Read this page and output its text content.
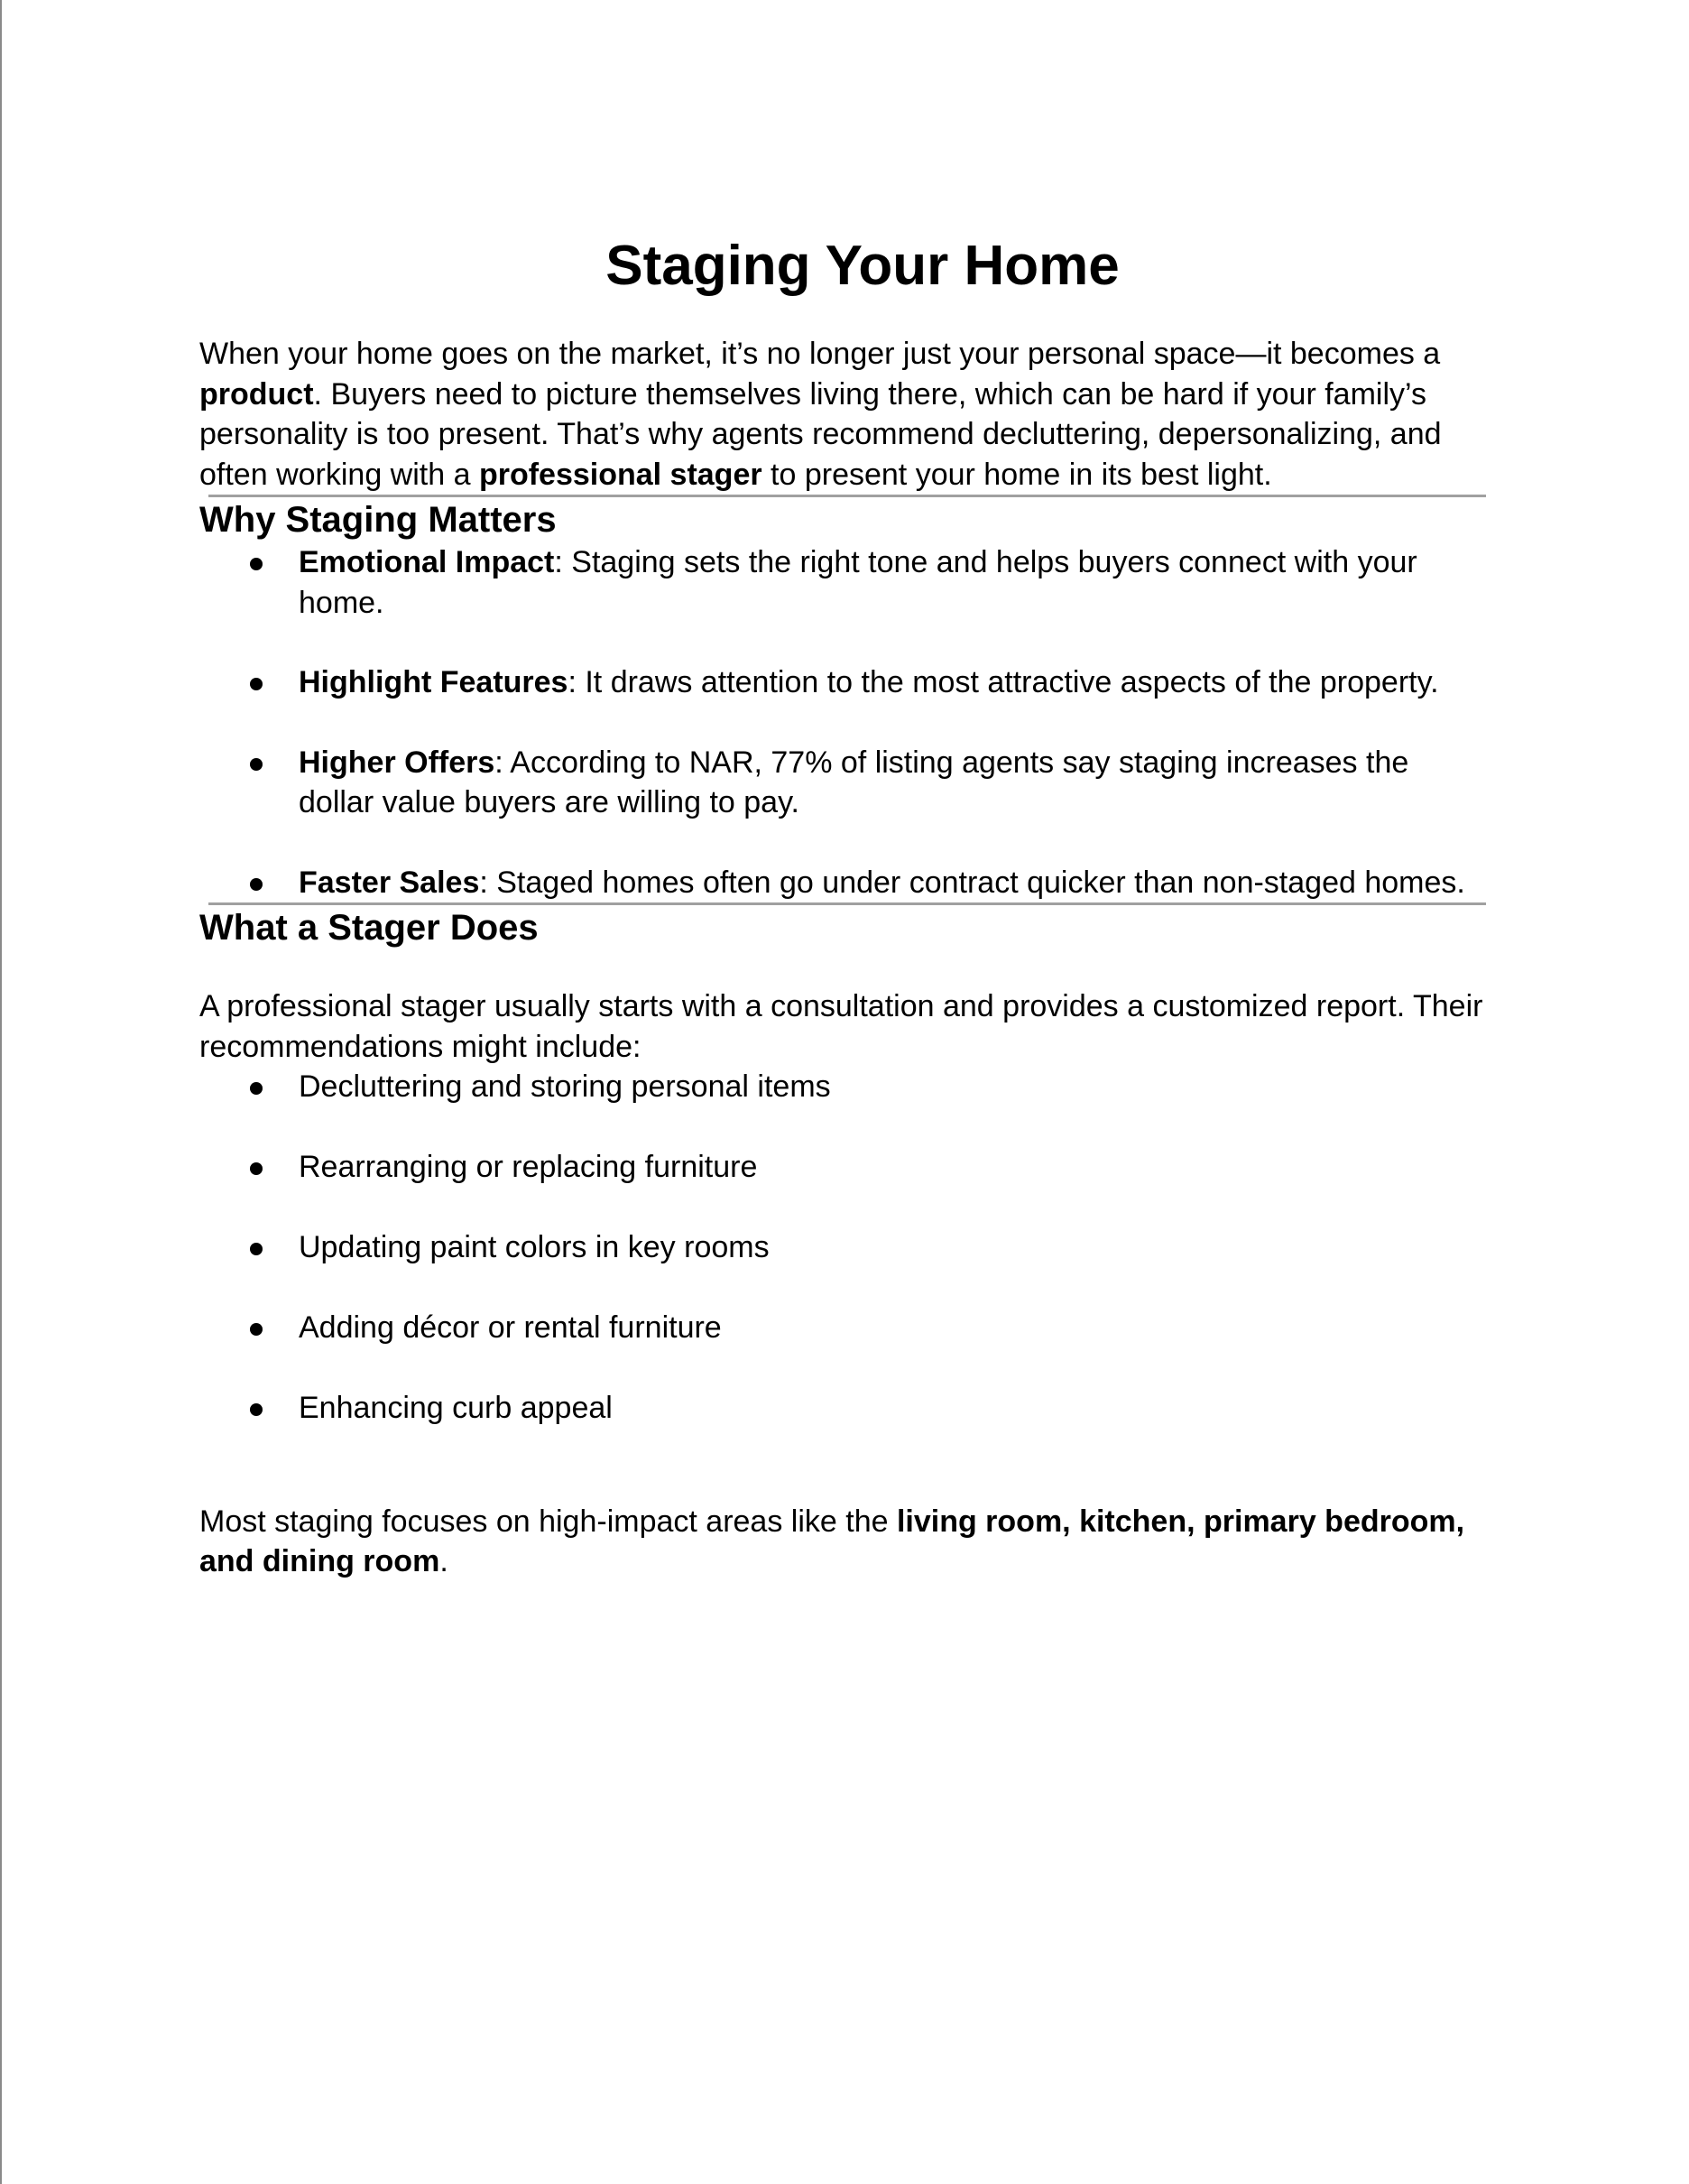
Staging Your Home

When your home goes on the market, it’s no longer just your personal space—it becomes a product. Buyers need to picture themselves living there, which can be hard if your family’s personality is too present. That’s why agents recommend decluttering, depersonalizing, and often working with a professional stager to present your home in its best light.

Why Staging Matters
Emotional Impact: Staging sets the right tone and helps buyers connect with your home.
Highlight Features: It draws attention to the most attractive aspects of the property.
Higher Offers: According to NAR, 77% of listing agents say staging increases the dollar value buyers are willing to pay.
Faster Sales: Staged homes often go under contract quicker than non-staged homes.
What a Stager Does

A professional stager usually starts with a consultation and provides a customized report. Their recommendations might include:

Decluttering and storing personal items
Rearranging or replacing furniture
Updating paint colors in key rooms
Adding décor or rental furniture
Enhancing curb appeal

Most staging focuses on high-impact areas like the living room, kitchen, primary bedroom, and dining room.
